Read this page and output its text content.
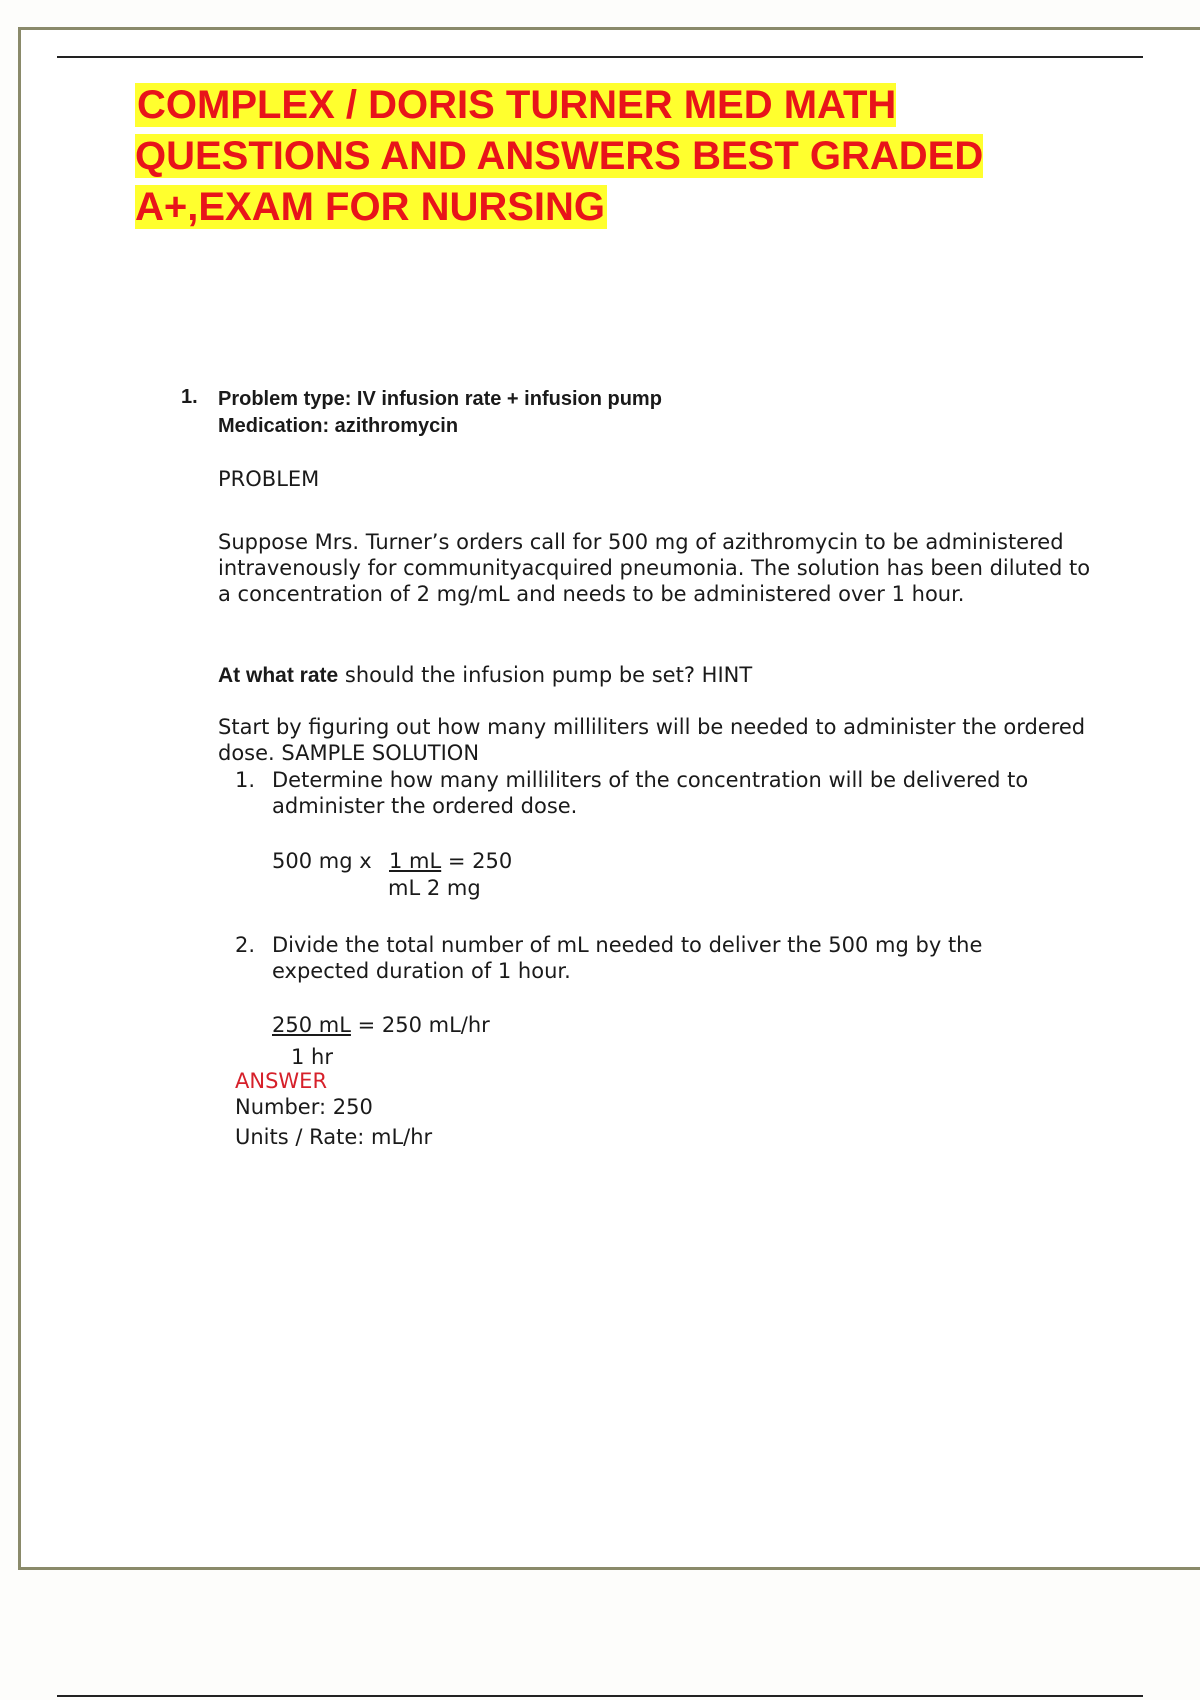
COMPLEX / DORIS TURNER MED MATH QUESTIONS AND ANSWERS BEST GRADED A+,EXAM FOR NURSING
1. Problem type: IV infusion rate + infusion pump Medication: azithromycin

PROBLEM

Suppose Mrs. Turner’s orders call for 500 mg of azithromycin to be administered intravenously for communityacquired pneumonia. The solution has been diluted to a concentration of 2 mg/mL and needs to be administered over 1 hour.

At what rate should the infusion pump be set? HINT

Start by figuring out how many milliliters will be needed to administer the ordered dose. SAMPLE SOLUTION

1. Determine how many milliliters of the concentration will be delivered to administer the ordered dose.

500 mg x 1 mL = 250
mL 2 mg
2. Divide the total number of mL needed to deliver the 500 mg by the expected duration of 1 hour.

250 mL = 250 mL/hr
1 hr
ANSWER
Number: 250
Units / Rate: mL/hr
